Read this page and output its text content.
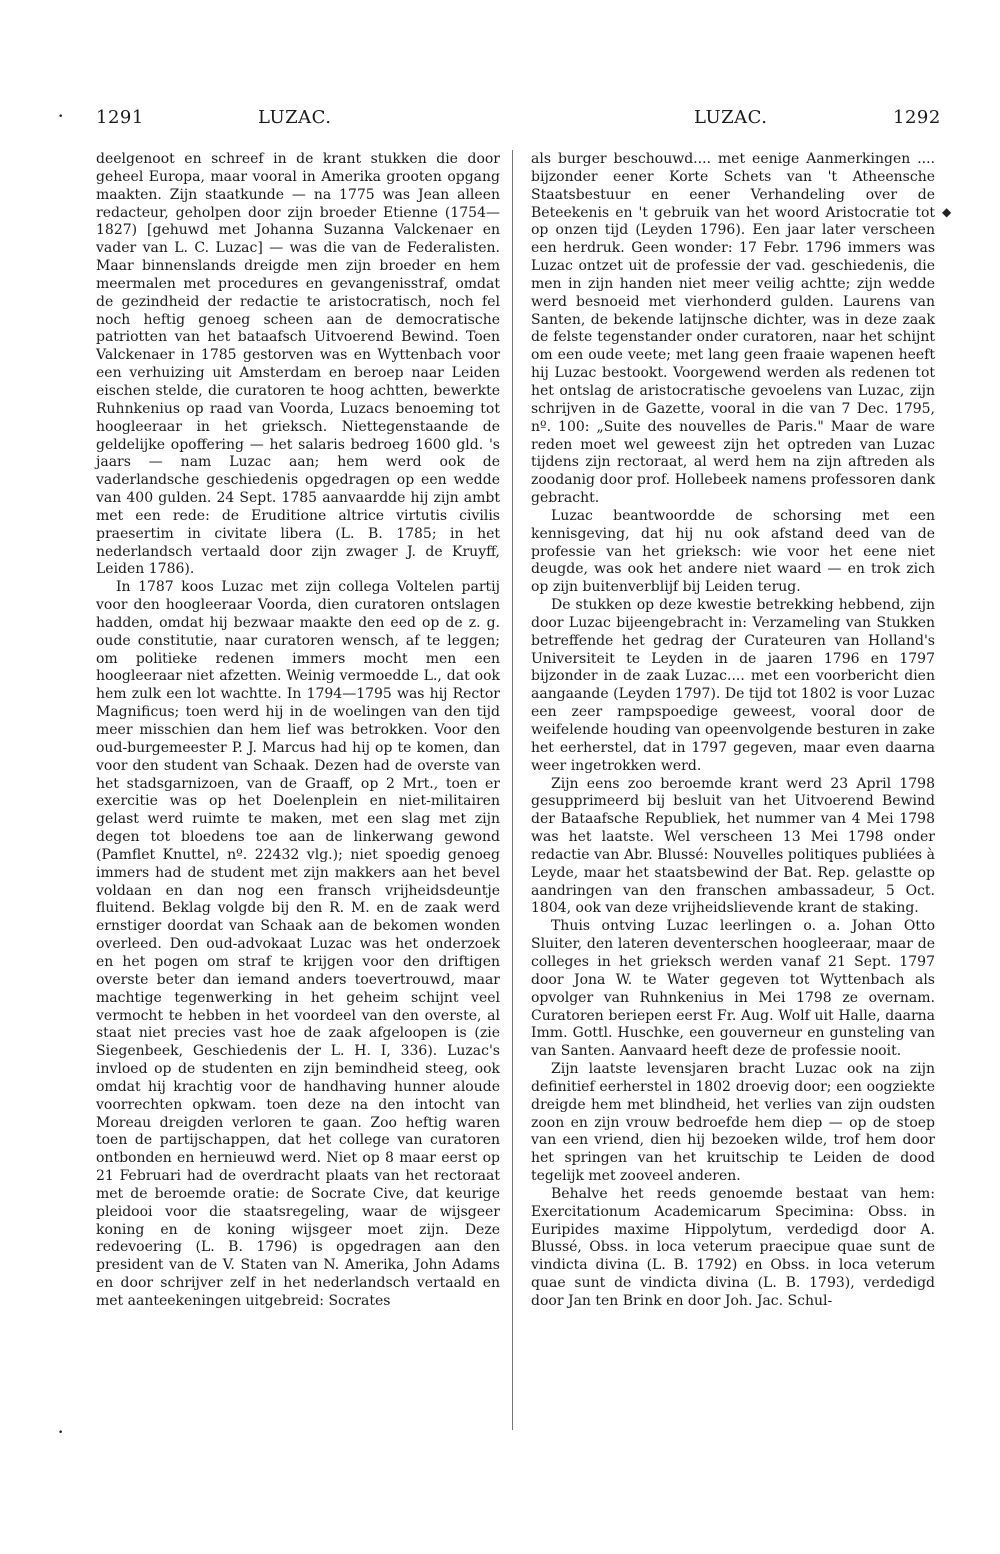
•
◆
•
1291	LUZAC.	LUZAC.	1292

deelgenoot en schreef in de krant stukken die door geheel Europa, maar vooral in Amerika grooten opgang maakten. Zijn staatkunde — na 1775 was Jean alleen redacteur, geholpen door zijn broeder Etienne (1754—1827) [gehuwd met Johanna Suzanna Valckenaer en vader van L. C. Luzac] — was die van de Federalisten. Maar binnenslands dreigde men zijn broeder en hem meermalen met procedures en gevangenisstraf, omdat de gezindheid der redactie te aristocratisch, noch fel noch heftig genoeg scheen aan de democratische patriotten van het bataafsch Uitvoerend Bewind. Toen Valckenaer in 1785 gestorven was en Wyttenbach voor een verhuizing uit Amsterdam en beroep naar Leiden eischen stelde, die curatoren te hoog achtten, bewerkte Ruhnkenius op raad van Voorda, Luzacs benoeming tot hoogleeraar in het grieksch. Niettegenstaande de geldelijke opoffering — het salaris bedroeg 1600 gld. 's jaars — nam Luzac aan; hem werd ook de vaderlandsche geschiedenis opgedragen op een wedde van 400 gulden. 24 Sept. 1785 aanvaardde hij zijn ambt met een rede: de Eruditione altrice virtutis civilis praesertim in civitate libera (L. B. 1785; in het nederlandsch vertaald door zijn zwager J. de Kruyff, Leiden 1786).

In 1787 koos Luzac met zijn collega Voltelen partij voor den hoogleeraar Voorda, dien curatoren ontslagen hadden, omdat hij bezwaar maakte den eed op de z. g. oude constitutie, naar curatoren wensch, af te leggen; om politieke redenen immers mocht men een hoogleeraar niet afzetten. Weinig vermoedde L., dat ook hem zulk een lot wachtte. In 1794—1795 was hij Rector Magnificus; toen werd hij in de woelingen van den tijd meer misschien dan hem lief was betrokken. Voor den oud-burgemeester P. J. Marcus had hij op te komen, dan voor den student van Schaak. Dezen had de overste van het stadsgarnizoen, van de Graaff, op 2 Mrt., toen er exercitie was op het Doelenplein en niet-militairen gelast werd ruimte te maken, met een slag met zijn degen tot bloedens toe aan de linkerwang gewond (Pamflet Knuttel, nº. 22432 vlg.); niet spoedig genoeg immers had de student met zijn makkers aan het bevel voldaan en dan nog een fransch vrijheidsdeuntje fluitend. Beklag volgde bij den R. M. en de zaak werd ernstiger doordat van Schaak aan de bekomen wonden overleed. Den oud-advokaat Luzac was het onderzoek en het pogen om straf te krijgen voor den driftigen overste beter dan iemand anders toevertrouwd, maar machtige tegenwerking in het geheim schijnt veel vermocht te hebben in het voordeel van den overste, al staat niet precies vast hoe de zaak afgeloopen is (zie Siegenbeek, Geschiedenis der L. H. I, 336). Luzac's invloed op de studenten en zijn bemindheid steeg, ook omdat hij krachtig voor de handhaving hunner aloude voorrechten opkwam. toen deze na den intocht van Moreau dreigden verloren te gaan. Zoo heftig waren toen de partijschappen, dat het college van curatoren ontbonden en hernieuwd werd. Niet op 8 maar eerst op 21 Februari had de overdracht plaats van het rectoraat met de beroemde oratie: de Socrate Cive, dat keurige pleidooi voor die staatsregeling, waar de wijsgeer koning en de koning wijsgeer moet zijn. Deze redevoering (L. B. 1796) is opgedragen aan den president van de V. Staten van N. Amerika, John Adams en door schrijver zelf in het nederlandsch vertaald en met aanteekeningen uitgebreid: Socrates

als burger beschouwd.... met eenige Aanmerkingen .... bijzonder eener Korte Schets van 't Atheensche Staatsbestuur en eener Verhandeling over de Beteekenis en 't gebruik van het woord Aristocratie tot op onzen tijd (Leyden 1796). Een jaar later verscheen een herdruk. Geen wonder: 17 Febr. 1796 immers was Luzac ontzet uit de professie der vad. geschiedenis, die men in zijn handen niet meer veilig achtte; zijn wedde werd besnoeid met vierhonderd gulden. Laurens van Santen, de bekende latijnsche dichter, was in deze zaak de felste tegenstander onder curatoren, naar het schijnt om een oude veete; met lang geen fraaie wapenen heeft hij Luzac bestookt. Voorgewend werden als redenen tot het ontslag de aristocratische gevoelens van Luzac, zijn schrijven in de Gazette, vooral in die van 7 Dec. 1795, nº. 100: „Suite des nouvelles de Paris." Maar de ware reden moet wel geweest zijn het optreden van Luzac tijdens zijn rectoraat, al werd hem na zijn aftreden als zoodanig door prof. Hollebeek namens professoren dank gebracht.

Luzac beantwoordde de schorsing met een kennisgeving, dat hij nu ook afstand deed van de professie van het grieksch: wie voor het eene niet deugde, was ook het andere niet waard — en trok zich op zijn buitenverblijf bij Leiden terug.

De stukken op deze kwestie betrekking hebbend, zijn door Luzac bijeengebracht in: Verzameling van Stukken betreffende het gedrag der Curateuren van Holland's Universiteit te Leyden in de jaaren 1796 en 1797 bijzonder in de zaak Luzac.... met een voorbericht dien aangaande (Leyden 1797). De tijd tot 1802 is voor Luzac een zeer rampspoedige geweest, vooral door de weifelende houding van opeenvolgende besturen in zake het eerherstel, dat in 1797 gegeven, maar even daarna weer ingetrokken werd.

Zijn eens zoo beroemde krant werd 23 April 1798 gesupprimeerd bij besluit van het Uitvoerend Bewind der Bataafsche Republiek, het nummer van 4 Mei 1798 was het laatste. Wel verscheen 13 Mei 1798 onder redactie van Abr. Blussé: Nouvelles politiques publiées à Leyde, maar het staatsbewind der Bat. Rep. gelastte op aandringen van den franschen ambassadeur, 5 Oct. 1804, ook van deze vrijheidslievende krant de staking.

Thuis ontving Luzac leerlingen o. a. Johan Otto Sluiter, den lateren deventerschen hoogleeraar, maar de colleges in het grieksch werden vanaf 21 Sept. 1797 door Jona W. te Water gegeven tot Wyttenbach als opvolger van Ruhnkenius in Mei 1798 ze overnam. Curatoren beriepen eerst Fr. Aug. Wolf uit Halle, daarna Imm. Gottl. Huschke, een gouverneur en gunsteling van van Santen. Aanvaard heeft deze de professie nooit.

Zijn laatste levensjaren bracht Luzac ook na zijn definitief eerherstel in 1802 droevig door; een oogziekte dreigde hem met blindheid, het verlies van zijn oudsten zoon en zijn vrouw bedroefde hem diep — op de stoep van een vriend, dien hij bezoeken wilde, trof hem door het springen van het kruitschip te Leiden de dood tegelijk met zooveel anderen.

Behalve het reeds genoemde bestaat van hem: Exercitationum Academicarum Specimina: Obss. in Euripides maxime Hippolytum, verdedigd door A. Blussé, Obss. in loca veterum praecipue quae sunt de vindicta divina (L. B. 1792) en Obss. in loca veterum quae sunt de vindicta divina (L. B. 1793), verdedigd door Jan ten Brink en door Joh. Jac. Schul-
